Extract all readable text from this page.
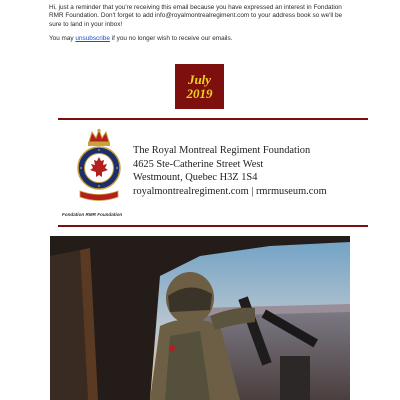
Hi, just a reminder that you're receiving this email because you have expressed an interest in Fondation RMR Foundation. Don't forget to add info@royalmontrealregiment.com to your address book so we'll be sure to land in your inbox!
You may unsubscribe if you no longer wish to receive our emails.
July
2019
Fondation RMR Foundation
The Royal Montreal Regiment Foundation
4625 Ste-Catherine Street West
Westmount, Quebec H3Z 1S4
royalmontrealregiment.com | rmrmuseum.com
